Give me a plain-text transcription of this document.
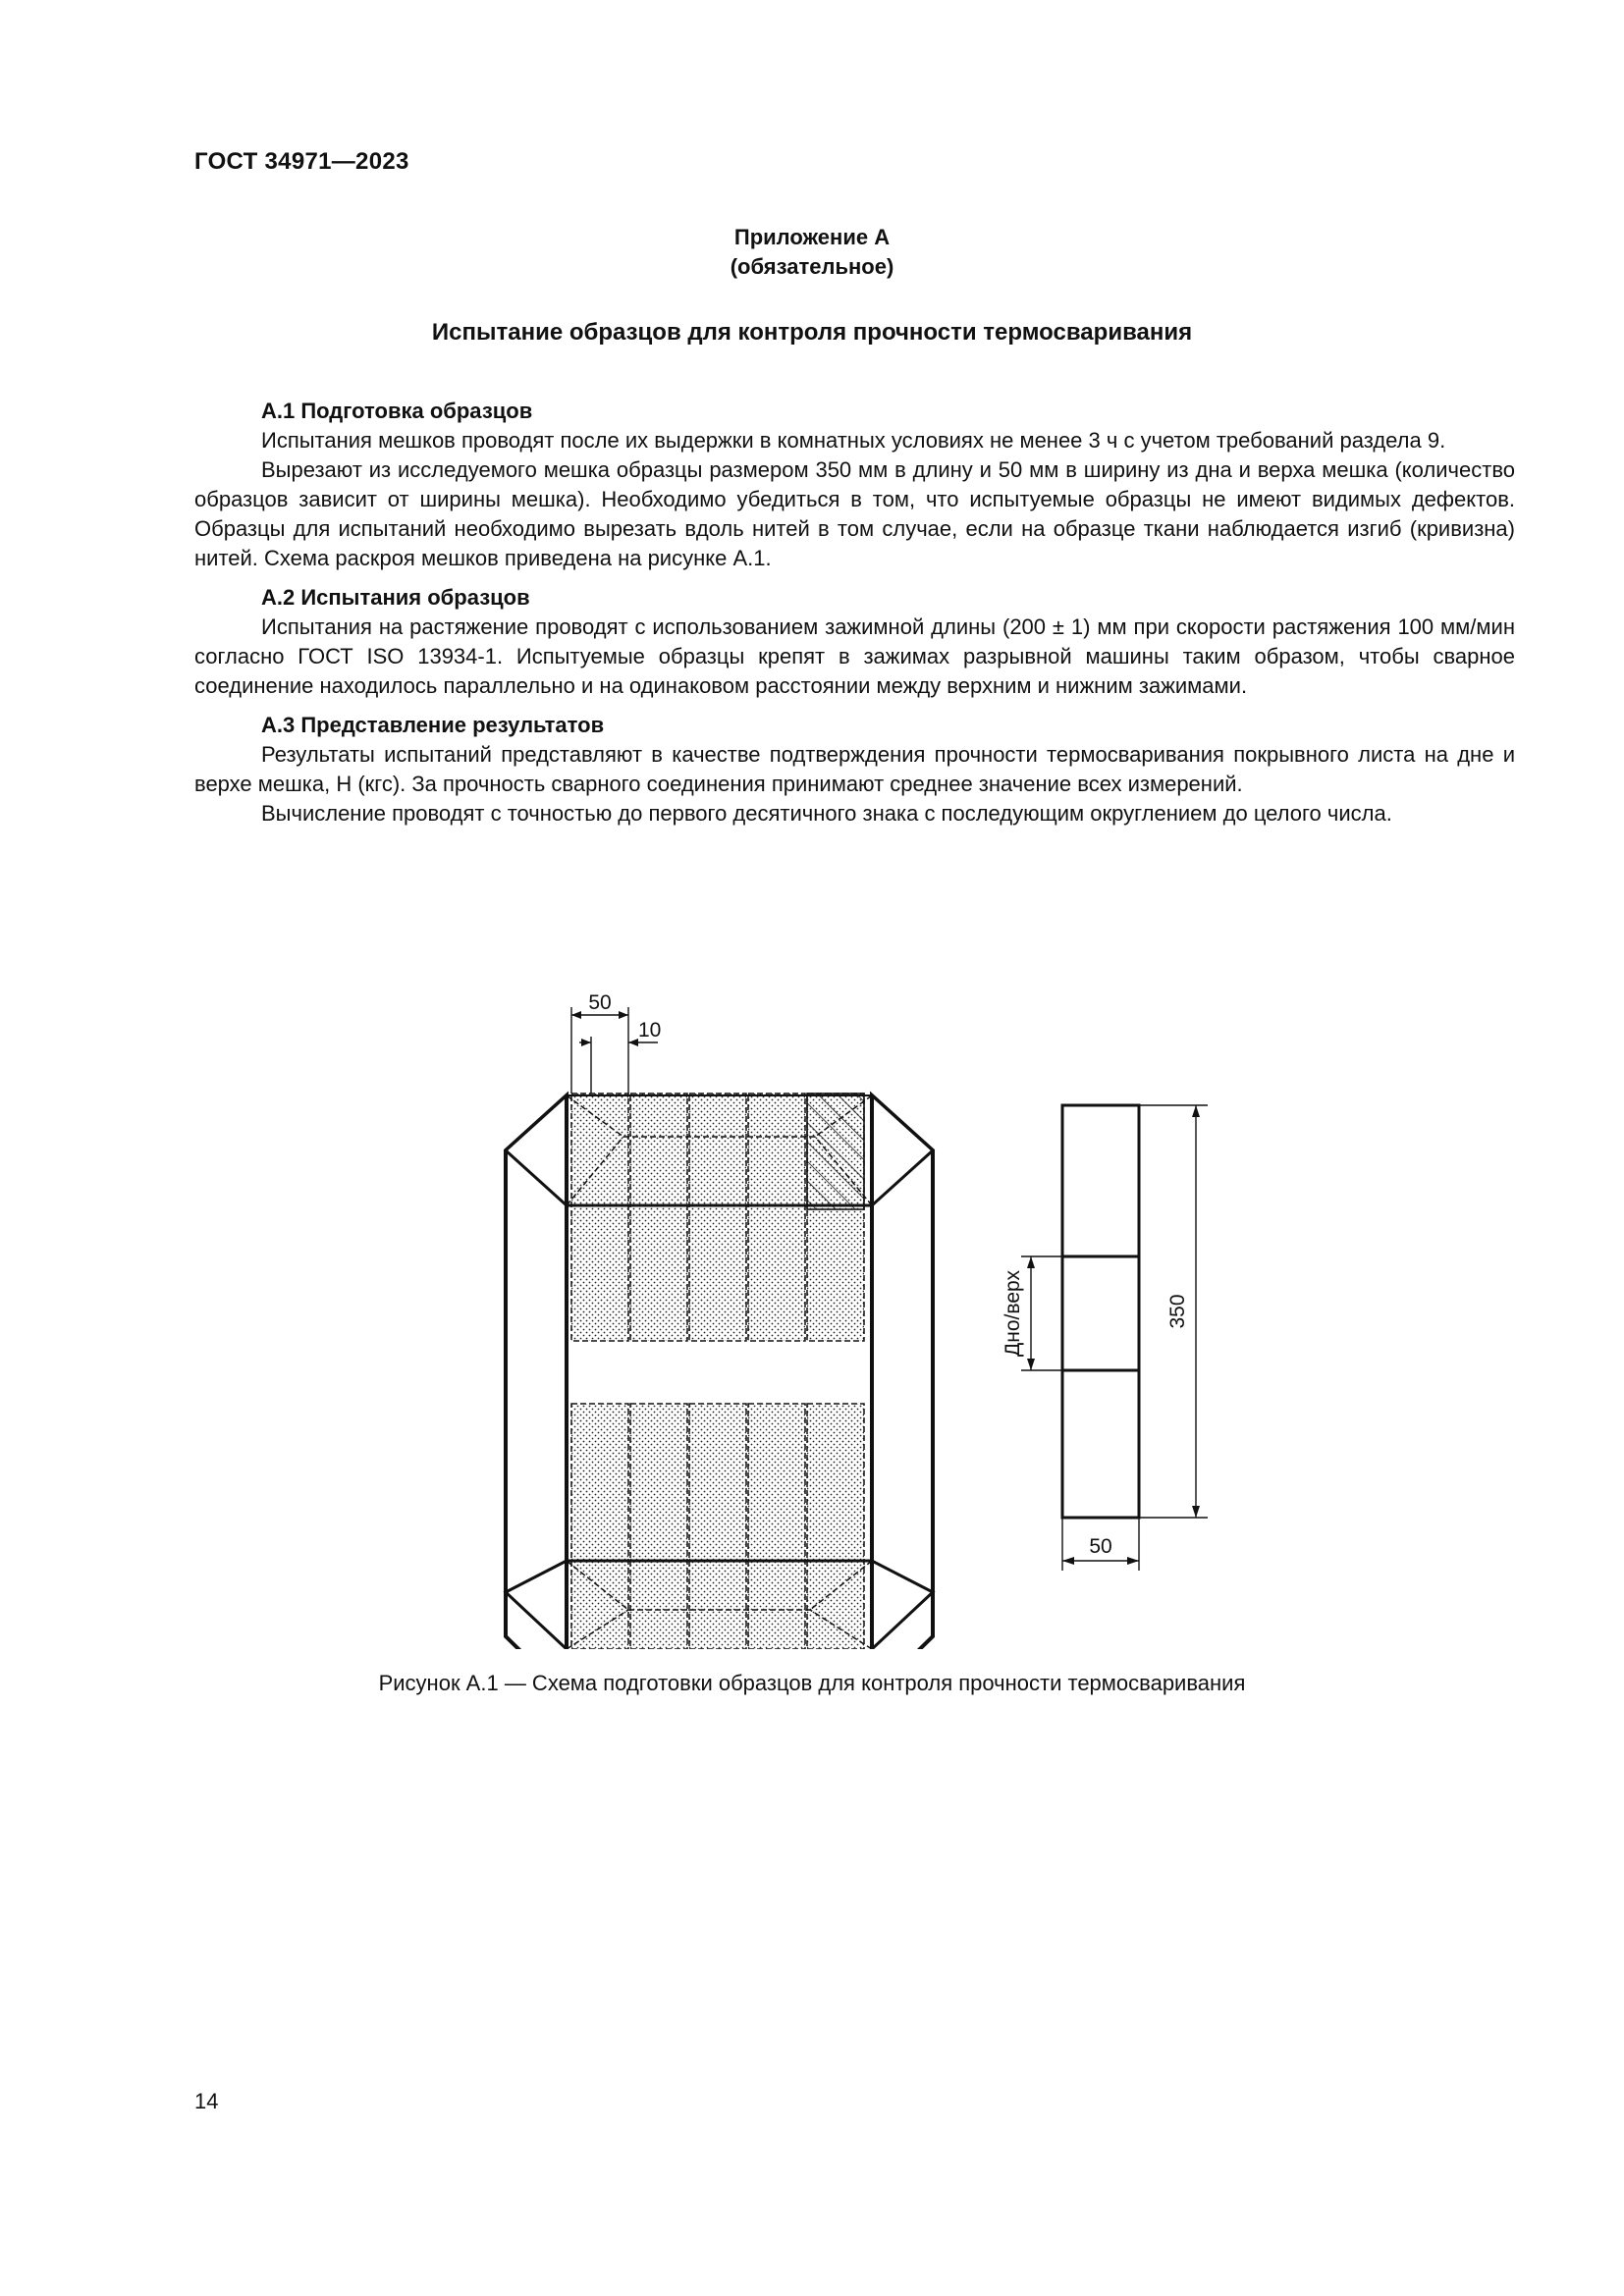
ГОСТ 34971—2023
Приложение А
(обязательное)
Испытание образцов для контроля прочности термосваривания

А.1 Подготовка образцов

Испытания мешков проводят после их выдержки в комнатных условиях не менее 3 ч с учетом требований раздела 9.

Вырезают из исследуемого мешка образцы размером 350 мм в длину и 50 мм в ширину из дна и верха мешка (количество образцов зависит от ширины мешка). Необходимо убедиться в том, что испытуемые образцы не имеют видимых дефектов. Образцы для испытаний необходимо вырезать вдоль нитей в том случае, если на образце ткани наблюдается изгиб (кривизна) нитей. Схема раскроя мешков приведена на рисунке А.1.

А.2 Испытания образцов

Испытания на растяжение проводят с использованием зажимной длины (200 ± 1) мм при скорости растяжения 100 мм/мин согласно ГОСТ ISO 13934-1. Испытуемые образцы крепят в зажимах разрывной машины таким образом, чтобы сварное соединение находилось параллельно и на одинаковом расстоянии между верхним и нижним зажимами.

А.3 Представление результатов

Результаты испытаний представляют в качестве подтверждения прочности термосваривания покрывного листа на дне и верхе мешка, Н (кгс). За прочность сварного соединения принимают среднее значение всех измерений.

Вычисление проводят с точностью до первого десятичного знака с последующим округлением до целого числа.

50
10
350
Дно/верх
50
Рисунок А.1 — Схема подготовки образцов для контроля прочности термосваривания
14
